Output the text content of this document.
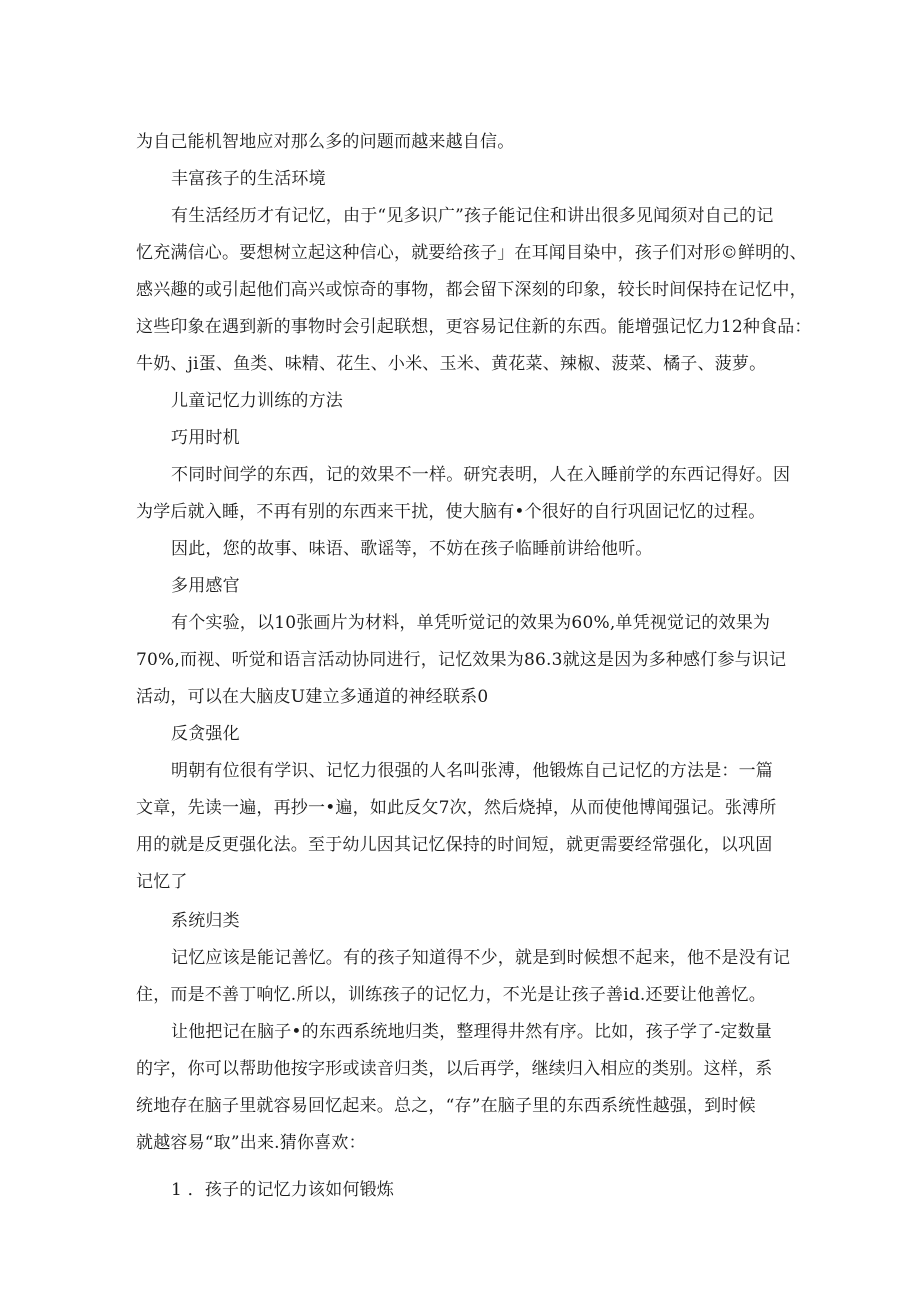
为自己能机智地应对那么多的问题而越来越自信。
丰富孩子的生活环境
有生活经历才有记忆，由于“见多识广”孩子能记住和讲出很多见闻须对自己的记
忆充满信心。要想树立起这种信心，就要给孩子」在耳闻目染中，孩子们对形©鲜明的、
感兴趣的或引起他们高兴或惊奇的事物，都会留下深刻的印象，较长时间保持在记忆中，
这些印象在遇到新的事物时会引起联想，更容易记住新的东西。能增强记忆力12种食品：
牛奶、ji蛋、鱼类、味精、花生、小米、玉米、黄花菜、辣椒、菠菜、橘子、菠萝。
儿童记忆力训练的方法
巧用时机
不同时间学的东西，记的效果不一样。研究表明，人在入睡前学的东西记得好。因
为学后就入睡，不再有别的东西来干扰，使大脑有•个很好的自行巩固记忆的过程。
因此，您的故事、味语、歌谣等，不妨在孩子临睡前讲给他听。
多用感官
有个实验，以10张画片为材料，单凭听觉记的效果为60%,单凭视觉记的效果为
70%,而视、听觉和语言活动协同进行，记忆效果为86.3就这是因为多种感仃参与识记
活动，可以在大脑皮U建立多通道的神经联系0
反贪强化
明朝有位很有学识、记忆力很强的人名叫张溥，他锻炼自己记忆的方法是：一篇
文章，先读一遍，再抄一•遍，如此反攵7次，然后烧掉，从而使他博闻强记。张溥所
用的就是反更强化法。至于幼儿因其记忆保持的时间短，就更需要经常强化，以巩固
记忆了
系统归类
记忆应该是能记善忆。有的孩子知道得不少，就是到时候想不起来，他不是没有记
住，而是不善丁响忆.所以，训练孩子的记忆力，不光是让孩子善id.还要让他善忆。
让他把记在脑子•的东西系统地归类，整理得井然有序。比如，孩子学了-定数量
的字，你可以帮助他按字形或读音归类，以后再学，继续归入相应的类别。这样，系
统地存在脑子里就容易回忆起来。总之，“存”在脑子里的东西系统性越强，到时候
就越容易“取”出来.猜你喜欢：
1 ．孩子的记忆力该如何锻炼
